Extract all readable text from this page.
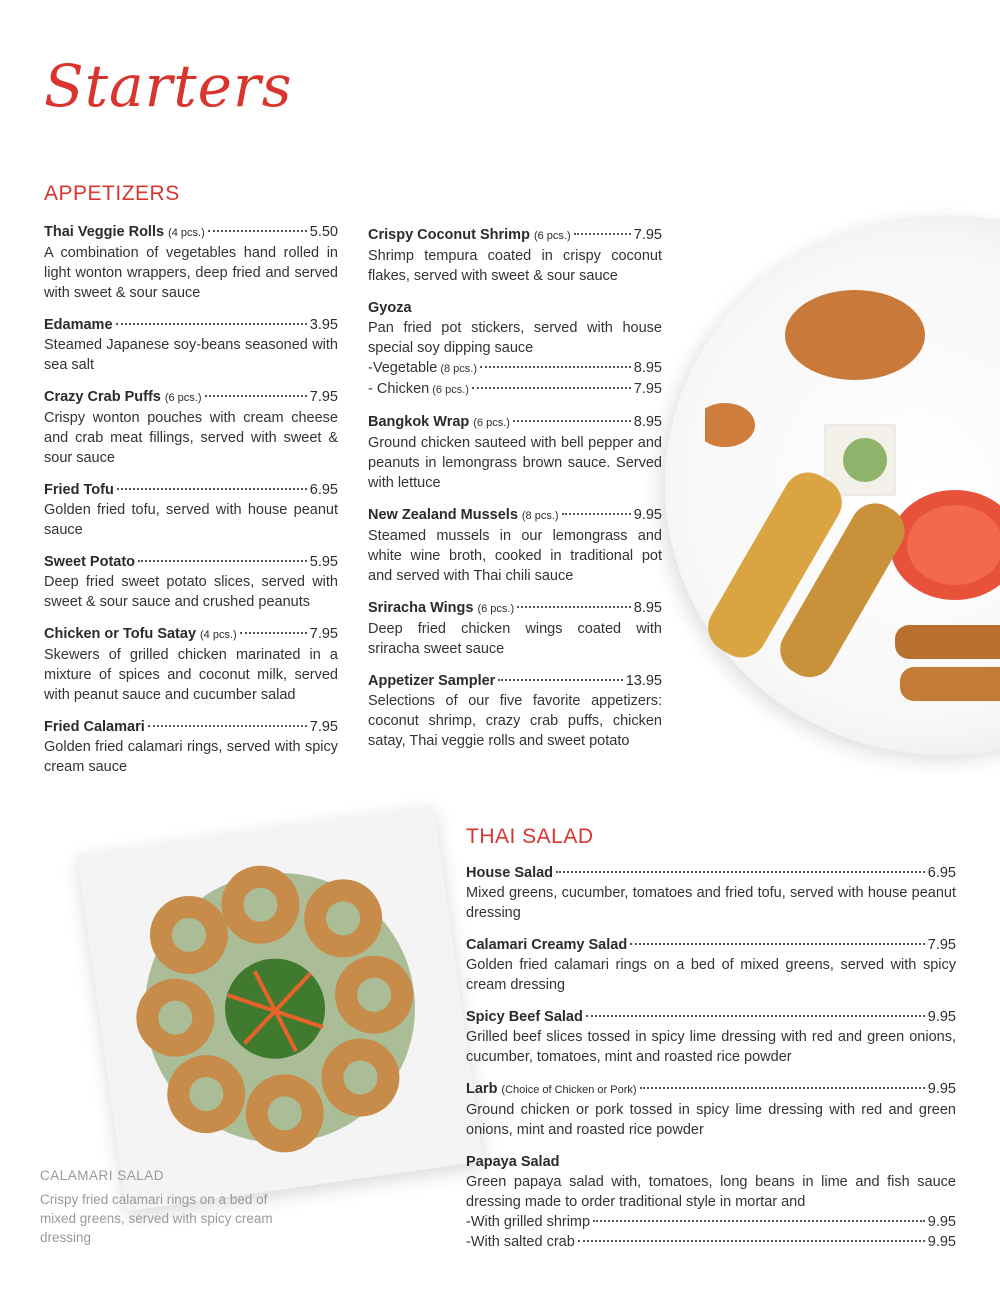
Starters
APPETIZERS
Thai Veggie Rolls (4 pcs.)	5.50
A combination of vegetables hand rolled in light wonton wrappers, deep fried and served with sweet & sour sauce
Edamame	3.95
Steamed Japanese soy-beans seasoned with sea salt
Crazy Crab Puffs (6 pcs.)	7.95
Crispy wonton pouches with cream cheese and crab meat fillings, served with sweet & sour sauce
Fried Tofu	6.95
Golden fried tofu, served with house peanut sauce
Sweet Potato	5.95
Deep fried sweet potato slices, served with sweet & sour sauce and crushed peanuts
Chicken or Tofu Satay (4 pcs.)	7.95
Skewers of grilled chicken marinated in a mixture of spices and coconut milk, served with peanut sauce and cucumber salad
Fried Calamari	7.95
Golden fried calamari rings, served with spicy cream sauce
Crispy Coconut Shrimp (6 pcs.)	7.95
Shrimp tempura coated in crispy coconut flakes, served with sweet & sour sauce
Gyoza
Pan fried pot stickers, served with house special soy dipping sauce
-Vegetable (8 pcs.)	8.95
- Chicken (6 pcs.)	7.95
Bangkok Wrap (6 pcs.)	8.95
Ground chicken sauteed with bell pepper and peanuts in lemongrass brown sauce. Served with lettuce
New Zealand Mussels (8 pcs.)	9.95
Steamed mussels in our lemongrass and white wine broth, cooked in traditional pot and served with Thai chili sauce
Sriracha Wings (6 pcs.)	8.95
Deep fried chicken wings coated with sriracha sweet sauce
Appetizer Sampler	13.95
Selections of our five favorite appetizers: coconut shrimp, crazy crab puffs, chicken satay, Thai veggie rolls and sweet potato
THAI SALAD
House Salad	6.95
Mixed greens, cucumber, tomatoes and fried tofu, served with house peanut dressing
Calamari Creamy Salad	7.95
Golden fried calamari rings on a bed of mixed greens, served with spicy cream dressing
Spicy Beef Salad	9.95
Grilled beef slices tossed in spicy lime dressing with red and green onions, cucumber, tomatoes, mint and roasted rice powder
Larb (Choice of Chicken or Pork)	9.95
Ground chicken or pork tossed in spicy lime dressing with red and green onions, mint and roasted rice powder
Papaya Salad
Green papaya salad with, tomatoes, long beans in lime and fish sauce dressing made to order traditional style in mortar and
-With grilled shrimp	9.95
-With salted crab	9.95
CALAMARI SALAD
Crispy fried calamari rings on a bed of mixed greens, served with spicy cream dressing
